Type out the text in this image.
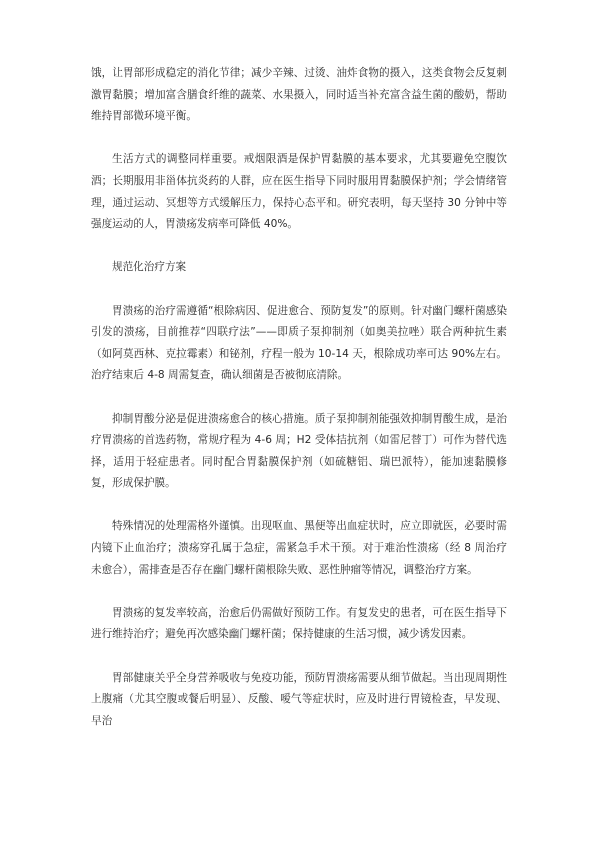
饿，让胃部形成稳定的消化节律；减少辛辣、过烫、油炸食物的摄入，这类食物会反复刺激胃黏膜；增加富含膳食纤维的蔬菜、水果摄入，同时适当补充富含益生菌的酸奶，帮助维持胃部微环境平衡。

生活方式的调整同样重要。戒烟限酒是保护胃黏膜的基本要求，尤其要避免空腹饮酒；长期服用非甾体抗炎药的人群，应在医生指导下同时服用胃黏膜保护剂；学会情绪管理，通过运动、冥想等方式缓解压力，保持心态平和。研究表明，每天坚持 30 分钟中等强度运动的人，胃溃疡发病率可降低 40%。

规范化治疗方案

胃溃疡的治疗需遵循“根除病因、促进愈合、预防复发”的原则。针对幽门螺杆菌感染引发的溃疡，目前推荐“四联疗法”——即质子泵抑制剂（如奥美拉唑）联合两种抗生素（如阿莫西林、克拉霉素）和铋剂，疗程一般为 10-14 天，根除成功率可达 90%左右。治疗结束后 4-8 周需复查，确认细菌是否被彻底清除。

抑制胃酸分泌是促进溃疡愈合的核心措施。质子泵抑制剂能强效抑制胃酸生成，是治疗胃溃疡的首选药物，常规疗程为 4-6 周；H2 受体拮抗剂（如雷尼替丁）可作为替代选择，适用于轻症患者。同时配合胃黏膜保护剂（如硫糖铝、瑞巴派特），能加速黏膜修复，形成保护膜。

特殊情况的处理需格外谨慎。出现呕血、黑便等出血症状时，应立即就医，必要时需内镜下止血治疗；溃疡穿孔属于急症，需紧急手术干预。对于难治性溃疡（经 8 周治疗未愈合），需排查是否存在幽门螺杆菌根除失败、恶性肿瘤等情况，调整治疗方案。

胃溃疡的复发率较高，治愈后仍需做好预防工作。有复发史的患者，可在医生指导下进行维持治疗；避免再次感染幽门螺杆菌；保持健康的生活习惯，减少诱发因素。

胃部健康关乎全身营养吸收与免疫功能，预防胃溃疡需要从细节做起。当出现周期性上腹痛（尤其空腹或餐后明显）、反酸、嗳气等症状时，应及时进行胃镜检查，早发现、早治
